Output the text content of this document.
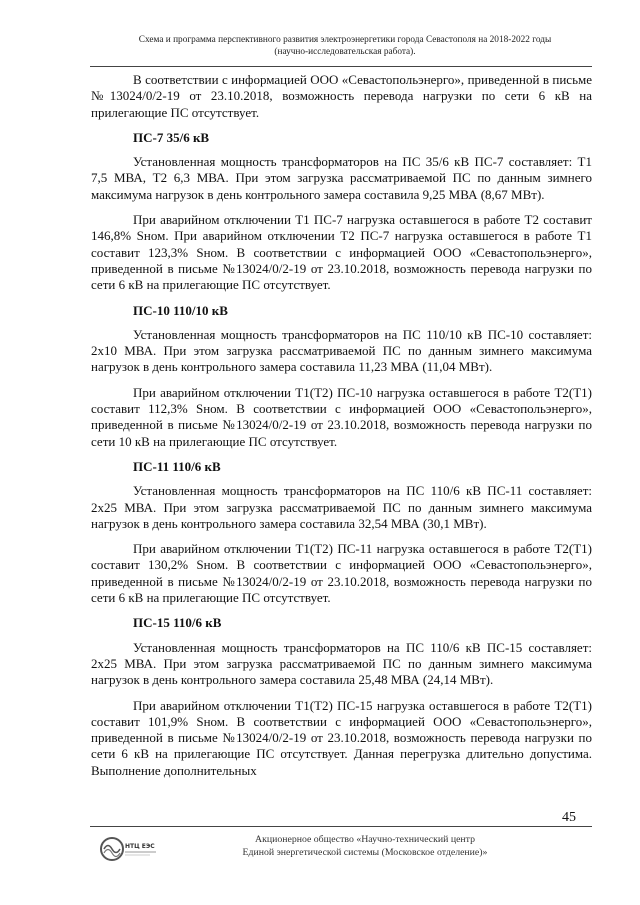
Схема и программа перспективного развития электроэнергетики города Севастополя на 2018-2022 годы
(научно-исследовательская работа).

В соответствии с информацией ООО «Севастопольэнерго», приведенной в письме №13024/0/2-19 от 23.10.2018, возможность перевода нагрузки по сети 6 кВ на прилегающие ПС отсутствует.

ПС-7 35/6 кВ

Установленная мощность трансформаторов на ПС 35/6 кВ ПС-7 составляет: Т1 7,5 МВА, Т2 6,3 МВА. При этом загрузка рассматриваемой ПС по данным зимнего максимума нагрузок в день контрольного замера составила 9,25 МВА (8,67 МВт).

При аварийном отключении Т1 ПС-7 нагрузка оставшегося в работе Т2 составит 146,8% Sном. При аварийном отключении Т2 ПС-7 нагрузка оставшегося в работе Т1 составит 123,3% Sном. В соответствии с информацией ООО «Севастопольэнерго», приведенной в письме №13024/0/2-19 от 23.10.2018, возможность перевода нагрузки по сети 6 кВ на прилегающие ПС отсутствует.

ПС-10 110/10 кВ

Установленная мощность трансформаторов на ПС 110/10 кВ ПС-10 составляет: 2х10 МВА. При этом загрузка рассматриваемой ПС по данным зимнего максимума нагрузок в день контрольного замера составила 11,23 МВА (11,04 МВт).

При аварийном отключении Т1(Т2) ПС-10 нагрузка оставшегося в работе Т2(Т1) составит 112,3% Sном. В соответствии с информацией ООО «Севастопольэнерго», приведенной в письме №13024/0/2-19 от 23.10.2018, возможность перевода нагрузки по сети 10 кВ на прилегающие ПС отсутствует.

ПС-11 110/6 кВ

Установленная мощность трансформаторов на ПС 110/6 кВ ПС-11 составляет: 2х25 МВА. При этом загрузка рассматриваемой ПС по данным зимнего максимума нагрузок в день контрольного замера составила 32,54 МВА (30,1 МВт).

При аварийном отключении Т1(Т2) ПС-11 нагрузка оставшегося в работе Т2(Т1) составит 130,2% Sном. В соответствии с информацией ООО «Севастопольэнерго», приведенной в письме №13024/0/2-19 от 23.10.2018, возможность перевода нагрузки по сети 6 кВ на прилегающие ПС отсутствует.

ПС-15 110/6 кВ

Установленная мощность трансформаторов на ПС 110/6 кВ ПС-15 составляет: 2х25 МВА. При этом загрузка рассматриваемой ПС по данным зимнего максимума нагрузок в день контрольного замера составила 25,48 МВА (24,14 МВт).

При аварийном отключении Т1(Т2) ПС-15 нагрузка оставшегося в работе Т2(Т1) составит 101,9% Sном. В соответствии с информацией ООО «Севастопольэнерго», приведенной в письме №13024/0/2-19 от 23.10.2018, возможность перевода нагрузки по сети 6 кВ на прилегающие ПС отсутствует. Данная перегрузка длительно допустима. Выполнение дополнительных

45
НТЦ ЕЭС
Акционерное общество «Научно-технический центр
Единой энергетической системы (Московское отделение)»
